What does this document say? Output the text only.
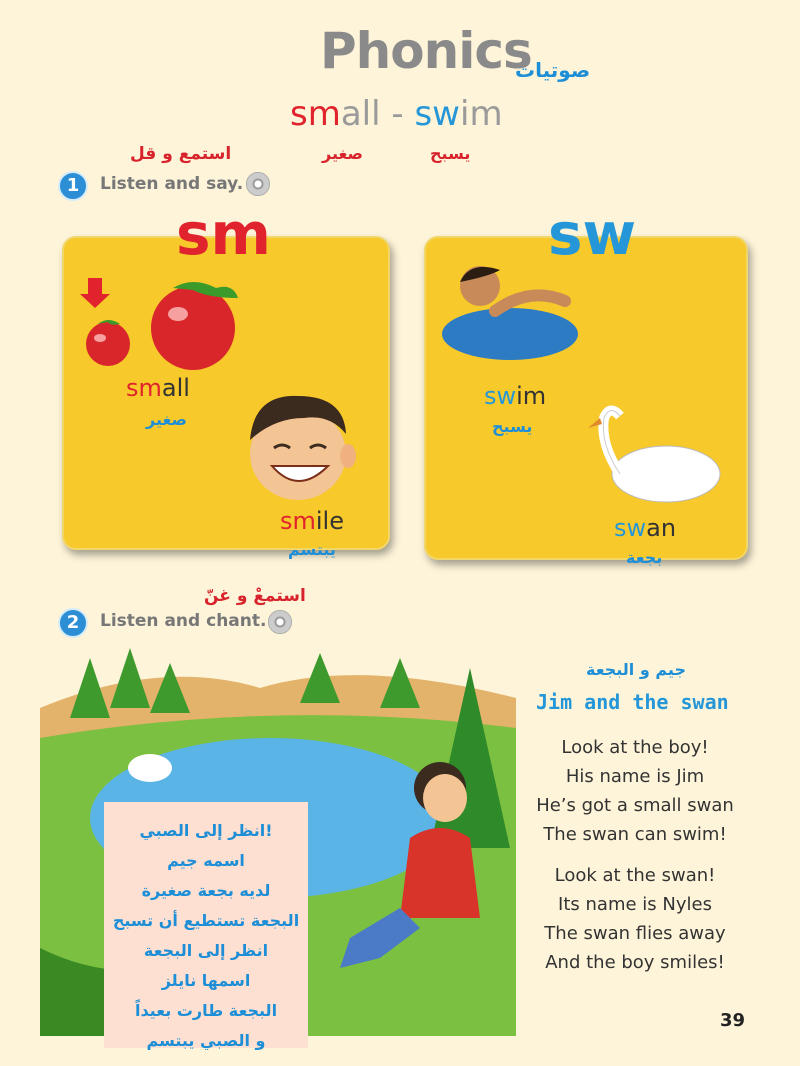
Phonics
صوتيات
small - swim
صغير	يسبح
استمع و قل
1	Listen and say.
sm
small
صغير
smile
يبتسم
sw
swim
يسبح
swan
بجعة
استمعْ و غنّ
2	Listen and chant.
انظر إلى الصبي!
اسمه جيم
لديه بجعة صغيرة
البجعة تستطيع أن تسبح
انظر إلى البجعة
اسمها نايلز
البجعة طارت بعيداً
و الصبي يبتسم
جيم و البجعة
Jim and the swan
Look at the boy!
His name is Jim
He’s got a small swan
The swan can swim!
Look at the swan!
Its name is Nyles
The swan flies away
And the boy smiles!
39
